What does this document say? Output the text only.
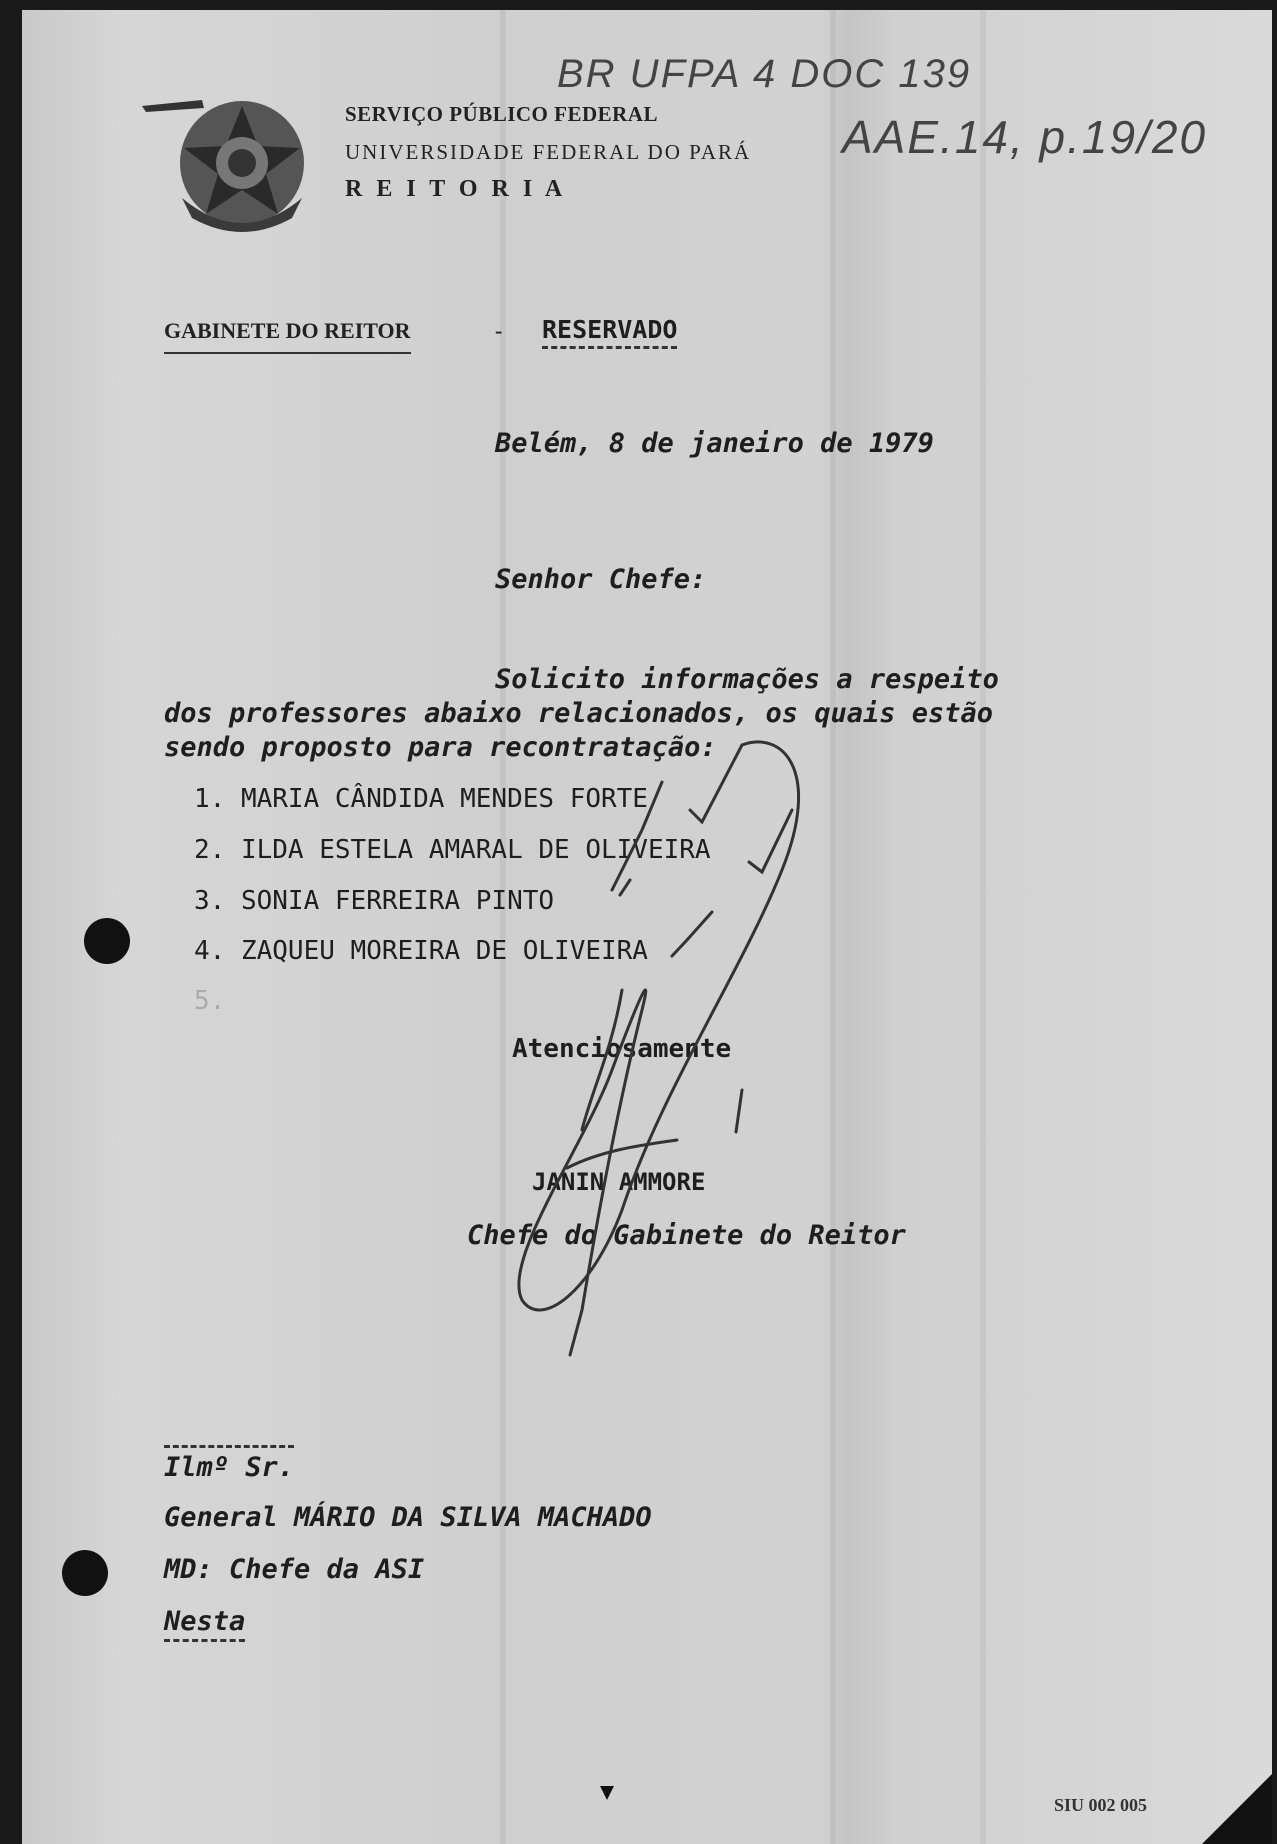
SERVIÇO PÚBLICO FEDERAL
UNIVERSIDADE FEDERAL DO PARÁ
R E I T O R I A
BR UFPA 4 DOC 139
AAE.14, p.19/20
GABINETE DO REITOR	- RESERVADO
Belém, 8 de janeiro de 1979
Senhor Chefe:
Solicito informações a respeito
dos professores abaixo relacionados, os quais estão
sendo proposto para recontratação:
1. MARIA CÂNDIDA MENDES FORTE
2. ILDA ESTELA AMARAL DE OLIVEIRA
3. SONIA FERREIRA PINTO
4. ZAQUEU MOREIRA DE OLIVEIRA
5.
Atenciosamente
JANIN AMMORE
Chefe do Gabinete do Reitor
Ilmº Sr.
General MÁRIO DA SILVA MACHADO
MD: Chefe da ASI
Nesta
SIU 002 005
